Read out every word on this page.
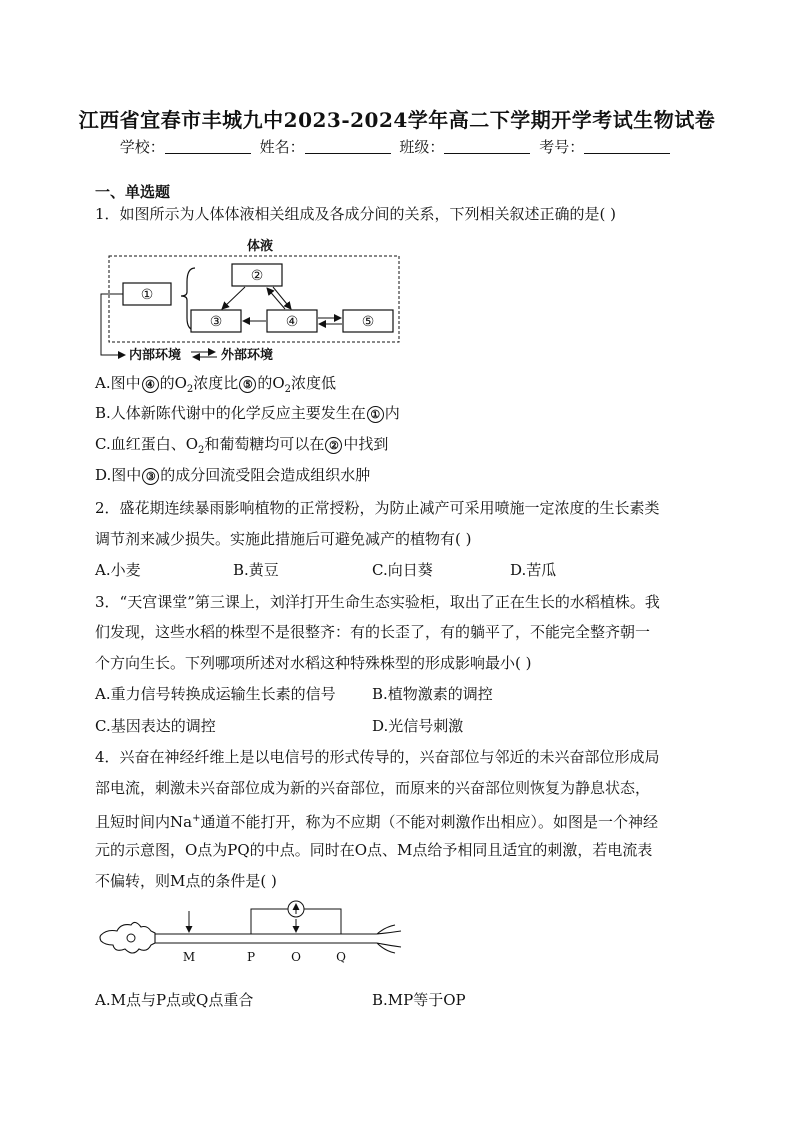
江西省宜春市丰城九中2023-2024学年高二下学期开学考试生物试卷
学校：	姓名：	班级：	考号：
一、单选题
1．如图所示为人体体液相关组成及各成分间的关系，下列相关叙述正确的是( )
体液
①
②
③	④	⑤
内部环境	外部环境
A.图中 ④ 的$O_2$浓度比 ⑤ 的$O_2$浓度低
B.人体新陈代谢中的化学反应主要发生在 ① 内
C.血红蛋白、$O_2$和葡萄糖均可以在 ② 中找到
D.图中 ③ 的成分回流受阻会造成组织水肿
2．盛花期连续暴雨影响植物的正常授粉，为防止减产可采用喷施一定浓度的生长素类
调节剂来减少损失。实施此措施后可避免减产的植物有( )
A.小麦	B.黄豆	C.向日葵	D.苦瓜
3．“天宫课堂”第三课上，刘洋打开生命生态实验柜，取出了正在生长的水稻植株。我
们发现，这些水稻的株型不是很整齐：有的长歪了，有的躺平了，不能完全整齐朝一
个方向生长。下列哪项所述对水稻这种特殊株型的形成影响最小( )
A.重力信号转换成运输生长素的信号 B.植物激素的调控
C.基因表达的调控	D.光信号刺激
4．兴奋在神经纤维上是以电信号的形式传导的，兴奋部位与邻近的未兴奋部位形成局
部电流，刺激未兴奋部位成为新的兴奋部位，而原来的兴奋部位则恢复为静息状态，
且短时间内Na+通道不能打开，称为不应期（不能对刺激作出相应）。如图是一个神经
元的示意图，O点为PQ的中点。同时在O点、M点给予相同且适宜的刺激，若电流表
不偏转，则M点的条件是( )
M	P	O	Q
A.M点与P点或Q点重合	B.MP等于OP
